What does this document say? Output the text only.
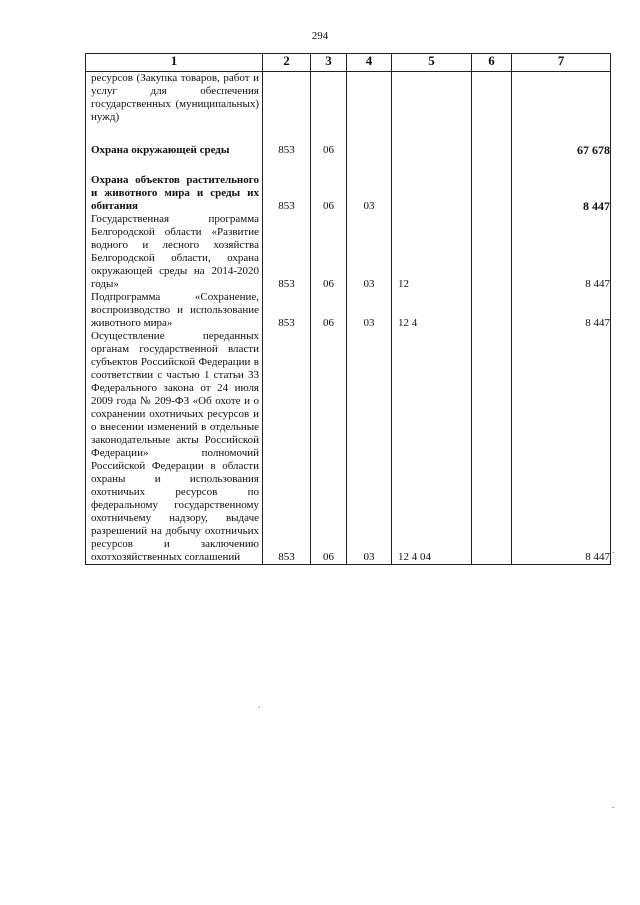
294
1	2	3	4	5	6	7

ресурсов (Закупка товаров, работ и услуг для обеспечения государственных (муниципальных) нужд)						

Охрана окружающей среды	853	06				67 678

Охрана объектов растительного и животного мира и среды их обитания	853	06	03			8 447

Государственная программа Белгородской области «Развитие водного и лесного хозяйства Белгородской области, охрана окружающей среды на 2014-2020 годы»	853	06	03	12		8 447

Подпрограмма «Сохранение, воспроизводство и использование животного мира»	853	06	03	12 4		8 447

Осуществление переданных органам государственной власти субъектов Российской Федерации в соответствии с частью 1 статьи 33 Федерального закона от 24 июля 2009 года № 209-ФЗ «Об охоте и о сохранении охотничьих ресурсов и о внесении изменений в отдельные законодательные акты Российской Федерации» полномочий Российской Федерации в области охраны и использования охотничьих ресурсов по федеральному государственному охотничьему надзору, выдаче разрешений на добычу охотничьих ресурсов и заключению охотхозяйственных соглашений	853	06	03	12 4 04		8 447
.
.
.
